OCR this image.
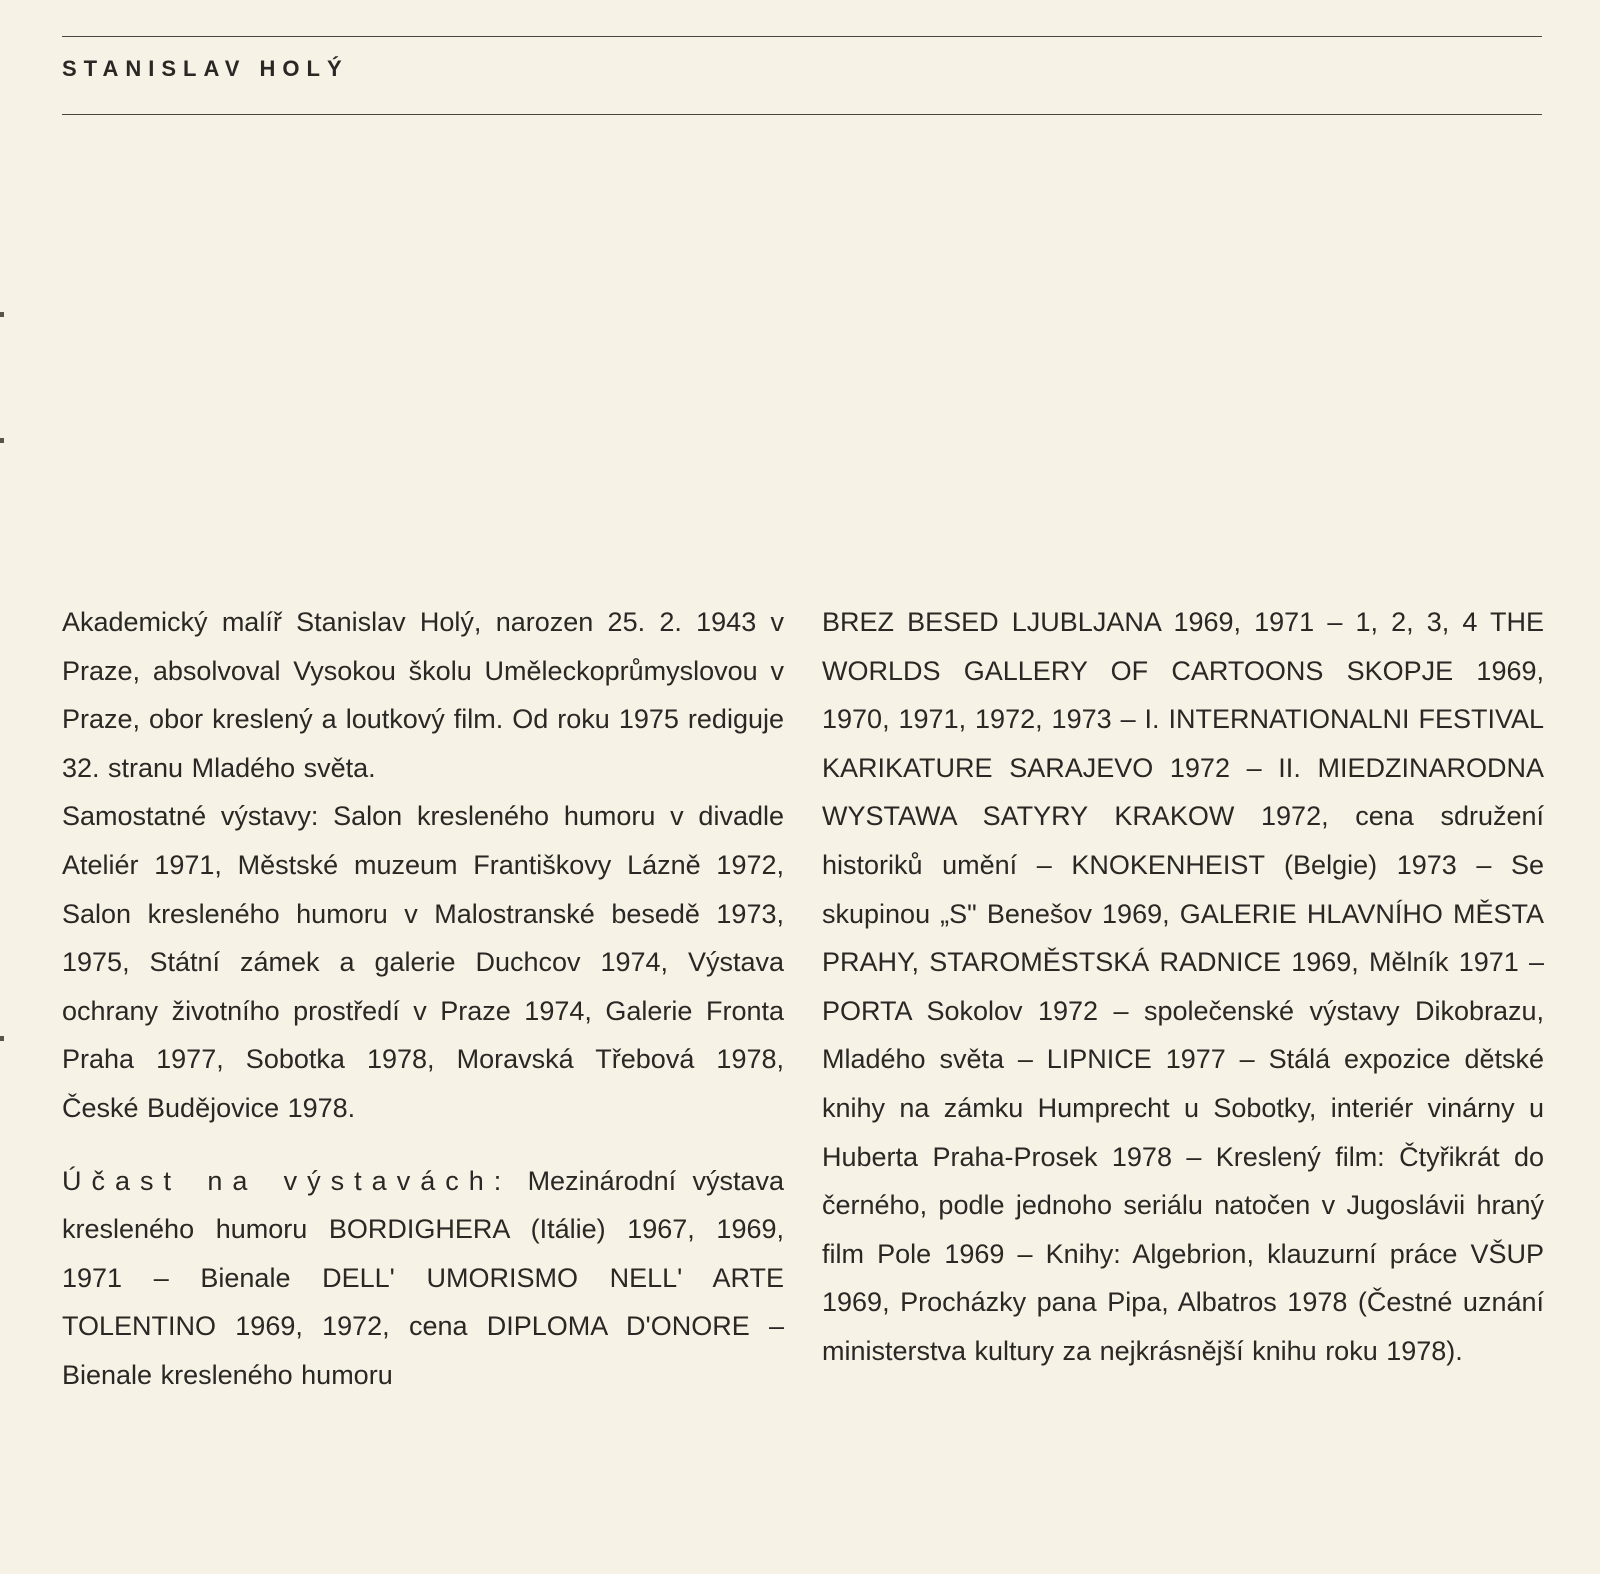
STANISLAV HOLÝ

Akademický malíř Stanislav Holý, narozen 25. 2. 1943 v Praze, absolvoval Vysokou školu Uměleckoprůmyslovou v Praze, obor kreslený a loutkový film. Od roku 1975 rediguje 32. stranu Mladého světa.

Samostatné výstavy: Salon kresleného humoru v divadle Ateliér 1971, Městské muzeum Františkovy Lázně 1972, Salon kresleného humoru v Malostranské besedě 1973, 1975, Státní zámek a galerie Duchcov 1974, Výstava ochrany životního prostředí v Praze 1974, Galerie Fronta Praha 1977, Sobotka 1978, Moravská Třebová 1978, České Budějovice 1978.

Účast na výstavách: Mezinárodní výstava kresleného humoru BORDIGHERA (Itálie) 1967, 1969, 1971 – Bienale DELL' UMORISMO NELL' ARTE TOLENTINO 1969, 1972, cena DIPLOMA D'ONORE – Bienale kresleného humoru

BREZ BESED LJUBLJANA 1969, 1971 – 1, 2, 3, 4 THE WORLDS GALLERY OF CARTOONS SKOPJE 1969, 1970, 1971, 1972, 1973 – I. INTERNATIONALNI FESTIVAL KARIKATURE SARAJEVO 1972 – II. MIEDZINARODNA WYSTAWA SATYRY KRAKOW 1972, cena sdružení historiků umění – KNOKENHEIST (Belgie) 1973 – Se skupinou „S" Benešov 1969, GALERIE HLAVNÍHO MĚSTA PRAHY, STAROMĚSTSKÁ RADNICE 1969, Mělník 1971 – PORTA Sokolov 1972 – společenské výstavy Dikobrazu, Mladého světa – LIPNICE 1977 – Stálá expozice dětské knihy na zámku Humprecht u Sobotky, interiér vinárny u Huberta Praha-Prosek 1978 – Kreslený film: Čtyřikrát do černého, podle jednoho seriálu natočen v Jugoslávii hraný film Pole 1969 – Knihy: Algebrion, klauzurní práce VŠUP 1969, Procházky pana Pipa, Albatros 1978 (Čestné uznání ministerstva kultury za nejkrásnější knihu roku 1978).
